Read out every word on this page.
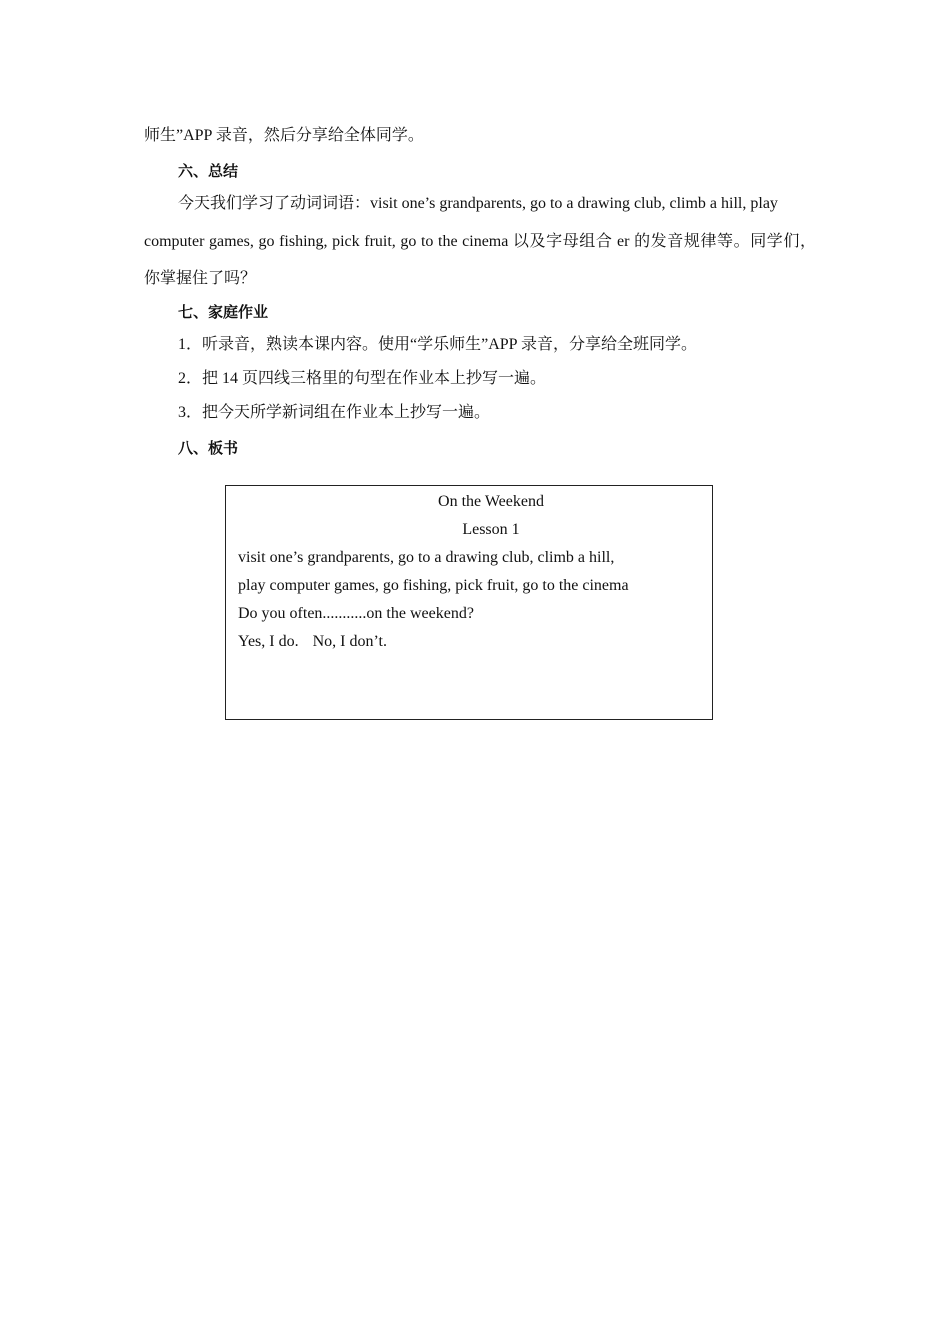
师生”APP 录音，然后分享给全体同学。
六、总结
今天我们学习了动词词语：visit one’s grandparents, go to a drawing club, climb a hill, play
computer games, go fishing, pick fruit, go to the cinema 以及字母组合 er 的发音规律等。同学们，
你掌握住了吗？
七、家庭作业
1．听录音，熟读本课内容。使用“学乐师生”APP 录音，分享给全班同学。
2．把 14 页四线三格里的句型在作业本上抄写一遍。
3．把今天所学新词组在作业本上抄写一遍。
八、板书
On the Weekend
Lesson 1
visit one’s grandparents, go to a drawing club, climb a hill,
play computer games, go fishing, pick fruit, go to the cinema
Do you often...........on the weekend?
Yes, I do. No, I don’t.
